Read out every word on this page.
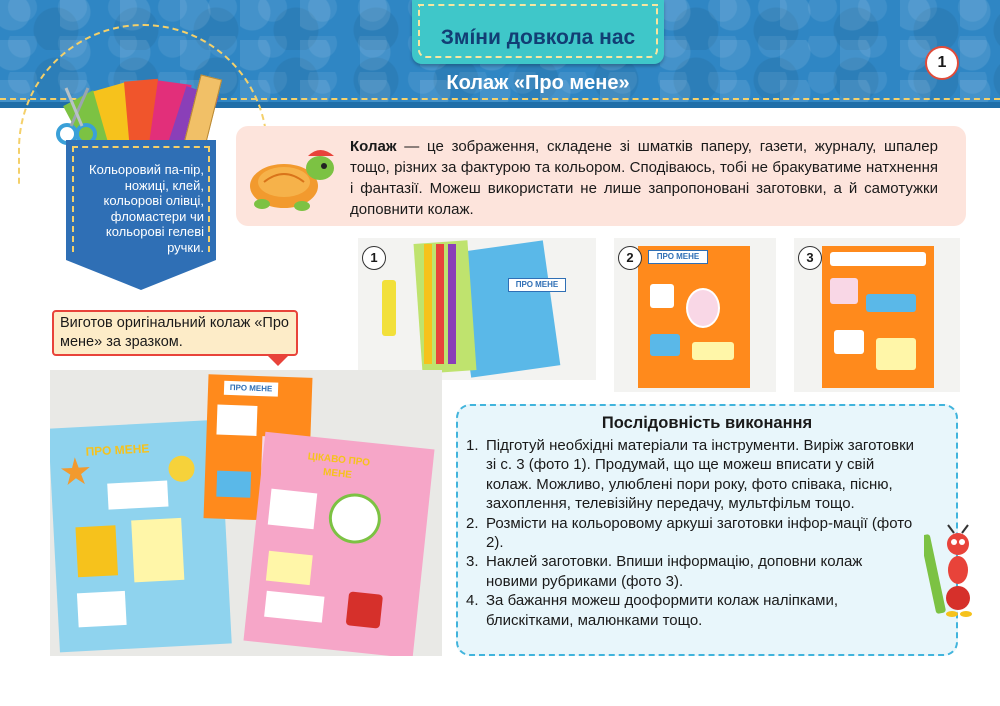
Змíни довкола нас
Колаж «Про мене»
1
Кольоровий па-пір, ножиці, клей, кольорові олівці, фломастери чи кольорові гелеві ручки.

Колаж — це зображення, складене зі шматків паперу, газети, журналу, шпалер тощо, різних за фактурою та кольором. Сподіваюсь, тобі не бракуватиме натхнення і фантазії. Можеш використати не лише запропоновані заготовки, а й самотужки доповнити колаж.

ПРО МЕНЕ
1	ПРО МЕНЕ
2	3
Виготов оригінальний колаж «Про мене» за зразком.
ПРО МЕНЕ
ПРО МЕНЕ
ЦІКАВО ПРО МЕНЕ
Послідовність виконання
1. Підготуй необхідні матеріали та інструменти. Виріж заготовки зі с. 3 (фото 1). Продумай, що ще можеш вписати у свій колаж. Можливо, улюблені пори року, фото співака, пісню, захоплення, телевізійну передачу, мультфільм тощо.
2. Розмісти на кольоровому аркуші заготовки інфор-мації (фото 2).
3. Наклей заготовки. Впиши інформацію, доповни колаж новими рубриками (фото 3).
4. За бажання можеш дооформити колаж наліпками, блискітками, малюнками тощо.
